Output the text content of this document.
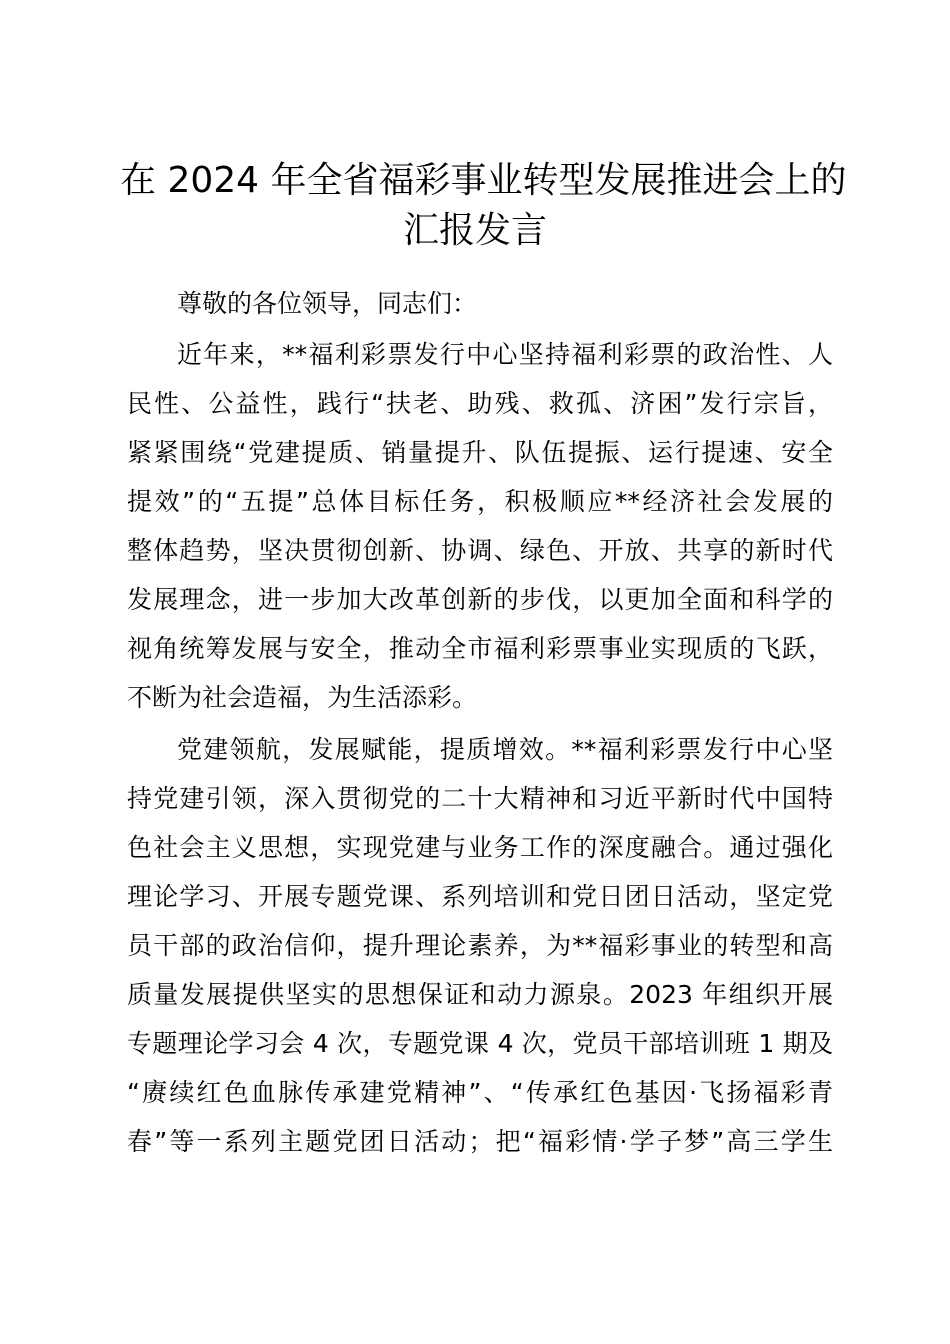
在 2024 年全省福彩事业转型发展推进会上的
汇报发言
尊敬的各位领导，同志们：
近年来，**福利彩票发行中心坚持福利彩票的政治性、人
民性、公益性，践行“扶老、助残、救孤、济困”发行宗旨，
紧紧围绕“党建提质、销量提升、队伍提振、运行提速、安全
提效”的“五提”总体目标任务，积极顺应**经济社会发展的
整体趋势，坚决贯彻创新、协调、绿色、开放、共享的新时代
发展理念，进一步加大改革创新的步伐，以更加全面和科学的
视角统筹发展与安全，推动全市福利彩票事业实现质的飞跃，
不断为社会造福，为生活添彩。
党建领航，发展赋能，提质增效。**福利彩票发行中心坚
持党建引领，深入贯彻党的二十大精神和习近平新时代中国特
色社会主义思想，实现党建与业务工作的深度融合。通过强化
理论学习、开展专题党课、系列培训和党日团日活动，坚定党
员干部的政治信仰，提升理论素养，为**福彩事业的转型和高
质量发展提供坚实的思想保证和动力源泉。2023 年组织开展
专题理论学习会 4 次，专题党课 4 次，党员干部培训班 1 期及
“赓续红色血脉传承建党精神”、“传承红色基因·飞扬福彩青
春”等一系列主题党团日活动；把“福彩情·学子梦”高三学生
